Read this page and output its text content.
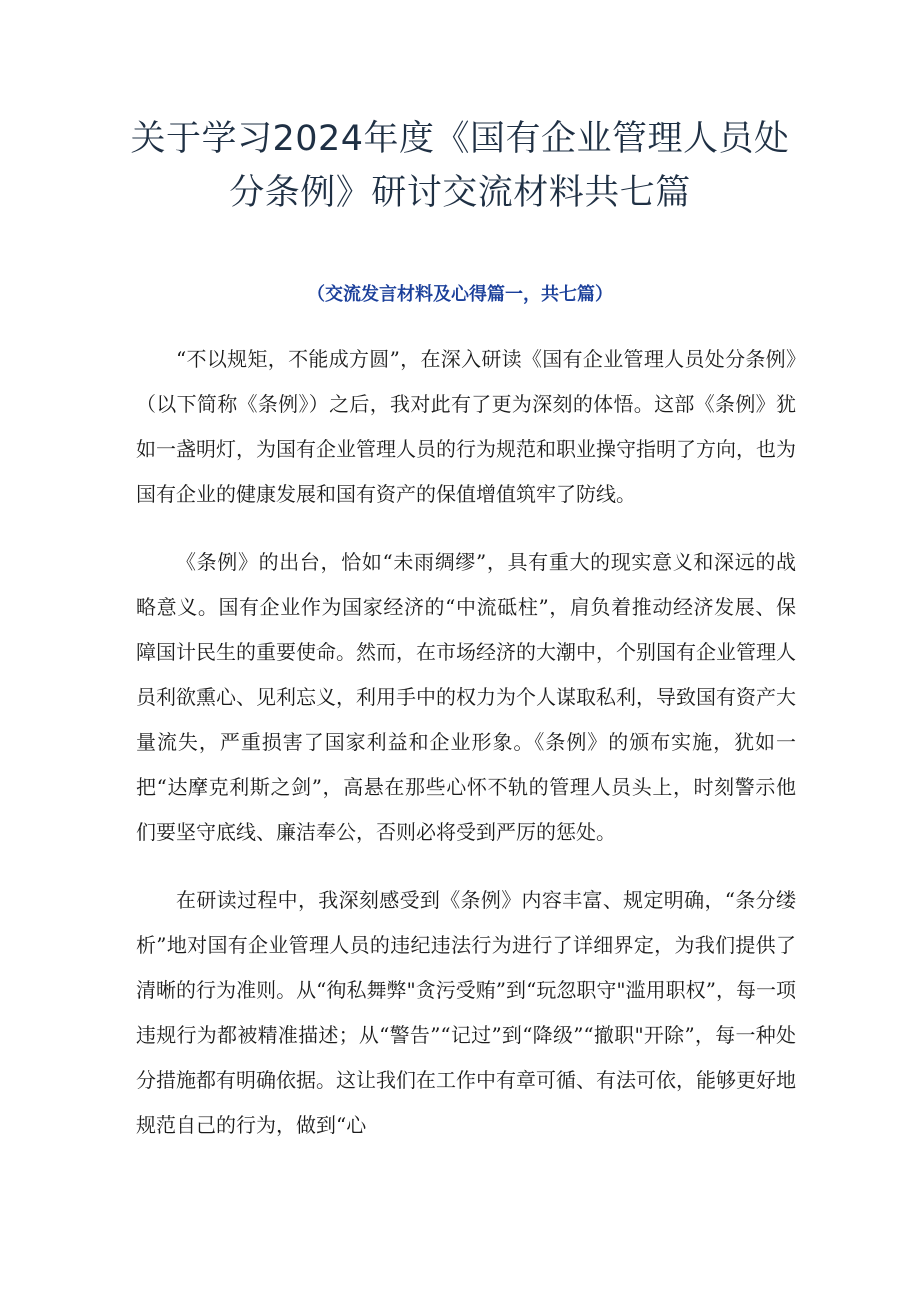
关于学习2024年度《国有企业管理人员处分条例》研讨交流材料共七篇
（交流发言材料及心得篇一，共七篇）

“不以规矩，不能成方圆”，在深入研读《国有企业管理人员处分条例》（以下简称《条例》）之后，我对此有了更为深刻的体悟。这部《条例》犹如一盏明灯，为国有企业管理人员的行为规范和职业操守指明了方向，也为国有企业的健康发展和国有资产的保值增值筑牢了防线。

《条例》的出台，恰如“未雨绸缪”，具有重大的现实意义和深远的战略意义。国有企业作为国家经济的“中流砥柱”，肩负着推动经济发展、保障国计民生的重要使命。然而，在市场经济的大潮中，个别国有企业管理人员利欲熏心、见利忘义，利用手中的权力为个人谋取私利，导致国有资产大量流失，严重损害了国家利益和企业形象。《条例》的颁布实施，犹如一把“达摩克利斯之剑”，高悬在那些心怀不轨的管理人员头上，时刻警示他们要坚守底线、廉洁奉公，否则必将受到严厉的惩处。

在研读过程中，我深刻感受到《条例》内容丰富、规定明确，“条分缕析”地对国有企业管理人员的违纪违法行为进行了详细界定，为我们提供了清晰的行为准则。从“徇私舞弊"贪污受贿”到“玩忽职守"滥用职权”，每一项违规行为都被精准描述；从“警告”“记过”到“降级”“撤职"开除”，每一种处分措施都有明确依据。这让我们在工作中有章可循、有法可依，能够更好地规范自己的行为，做到“心
